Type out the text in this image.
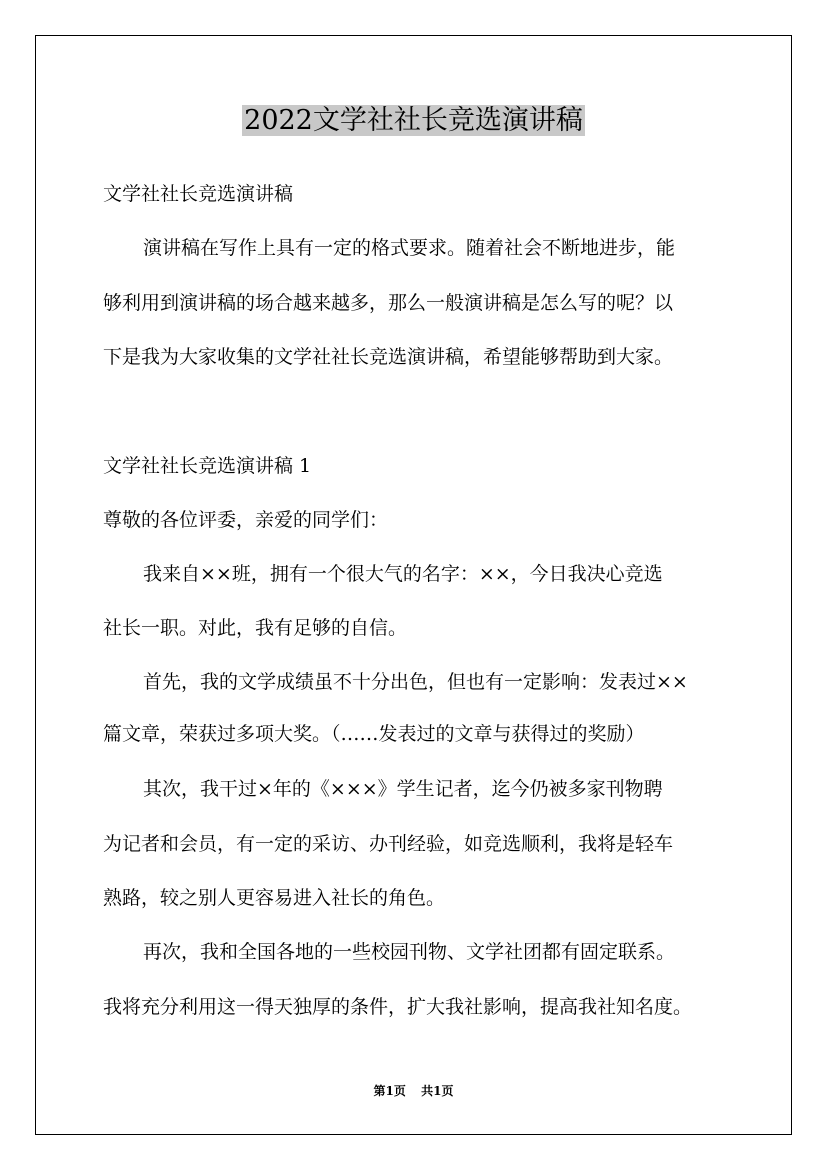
2022文学社社长竞选演讲稿
文学社社长竞选演讲稿
演讲稿在写作上具有一定的格式要求。随着社会不断地进步，能
够利用到演讲稿的场合越来越多，那么一般演讲稿是怎么写的呢？以
下是我为大家收集的文学社社长竞选演讲稿，希望能够帮助到大家。
文学社社长竞选演讲稿 1
尊敬的各位评委，亲爱的同学们：
我来自××班，拥有一个很大气的名字：××，今日我决心竞选
社长一职。对此，我有足够的自信。
首先，我的文学成绩虽不十分出色，但也有一定影响：发表过××
篇文章，荣获过多项大奖。（……发表过的文章与获得过的奖励）
其次，我干过×年的《×××》学生记者，迄今仍被多家刊物聘
为记者和会员，有一定的采访、办刊经验，如竞选顺利，我将是轻车
熟路，较之别人更容易进入社长的角色。
再次，我和全国各地的一些校园刊物、文学社团都有固定联系。
我将充分利用这一得天独厚的条件，扩大我社影响，提高我社知名度。
第1页 共1页
